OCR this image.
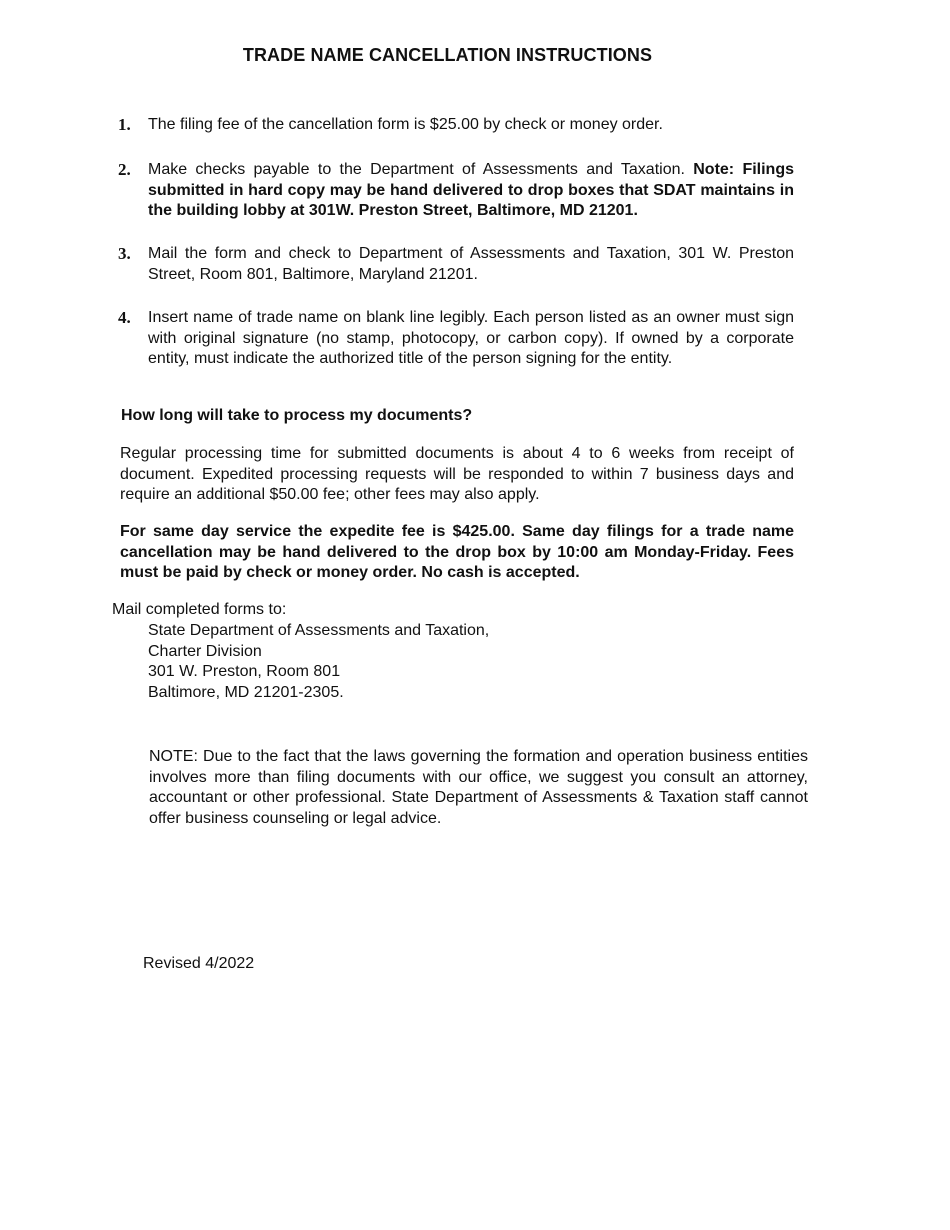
TRADE NAME CANCELLATION INSTRUCTIONS
1. The filing fee of the cancellation form is $25.00 by check or money order.
2. Make checks payable to the Department of Assessments and Taxation. Note: Filings submitted in hard copy may be hand delivered to drop boxes that SDAT maintains in the building lobby at 301W. Preston Street, Baltimore, MD 21201.
3. Mail the form and check to Department of Assessments and Taxation, 301 W. Preston Street, Room 801, Baltimore, Maryland 21201.
4. Insert name of trade name on blank line legibly. Each person listed as an owner must sign with original signature (no stamp, photocopy, or carbon copy). If owned by a corporate entity, must indicate the authorized title of the person signing for the entity.
How long will take to process my documents?
Regular processing time for submitted documents is about 4 to 6 weeks from receipt of document. Expedited processing requests will be responded to within 7 business days and require an additional $50.00 fee; other fees may also apply.
For same day service the expedite fee is $425.00. Same day filings for a trade name cancellation may be hand delivered to the drop box by 10:00 am Monday-Friday. Fees must be paid by check or money order. No cash is accepted.
Mail completed forms to:
State Department of Assessments and Taxation,
Charter Division
301 W. Preston, Room 801
Baltimore, MD 21201-2305.
NOTE: Due to the fact that the laws governing the formation and operation business entities involves more than filing documents with our office, we suggest you consult an attorney, accountant or other professional. State Department of Assessments & Taxation staff cannot offer business counseling or legal advice.
Revised 4/2022
